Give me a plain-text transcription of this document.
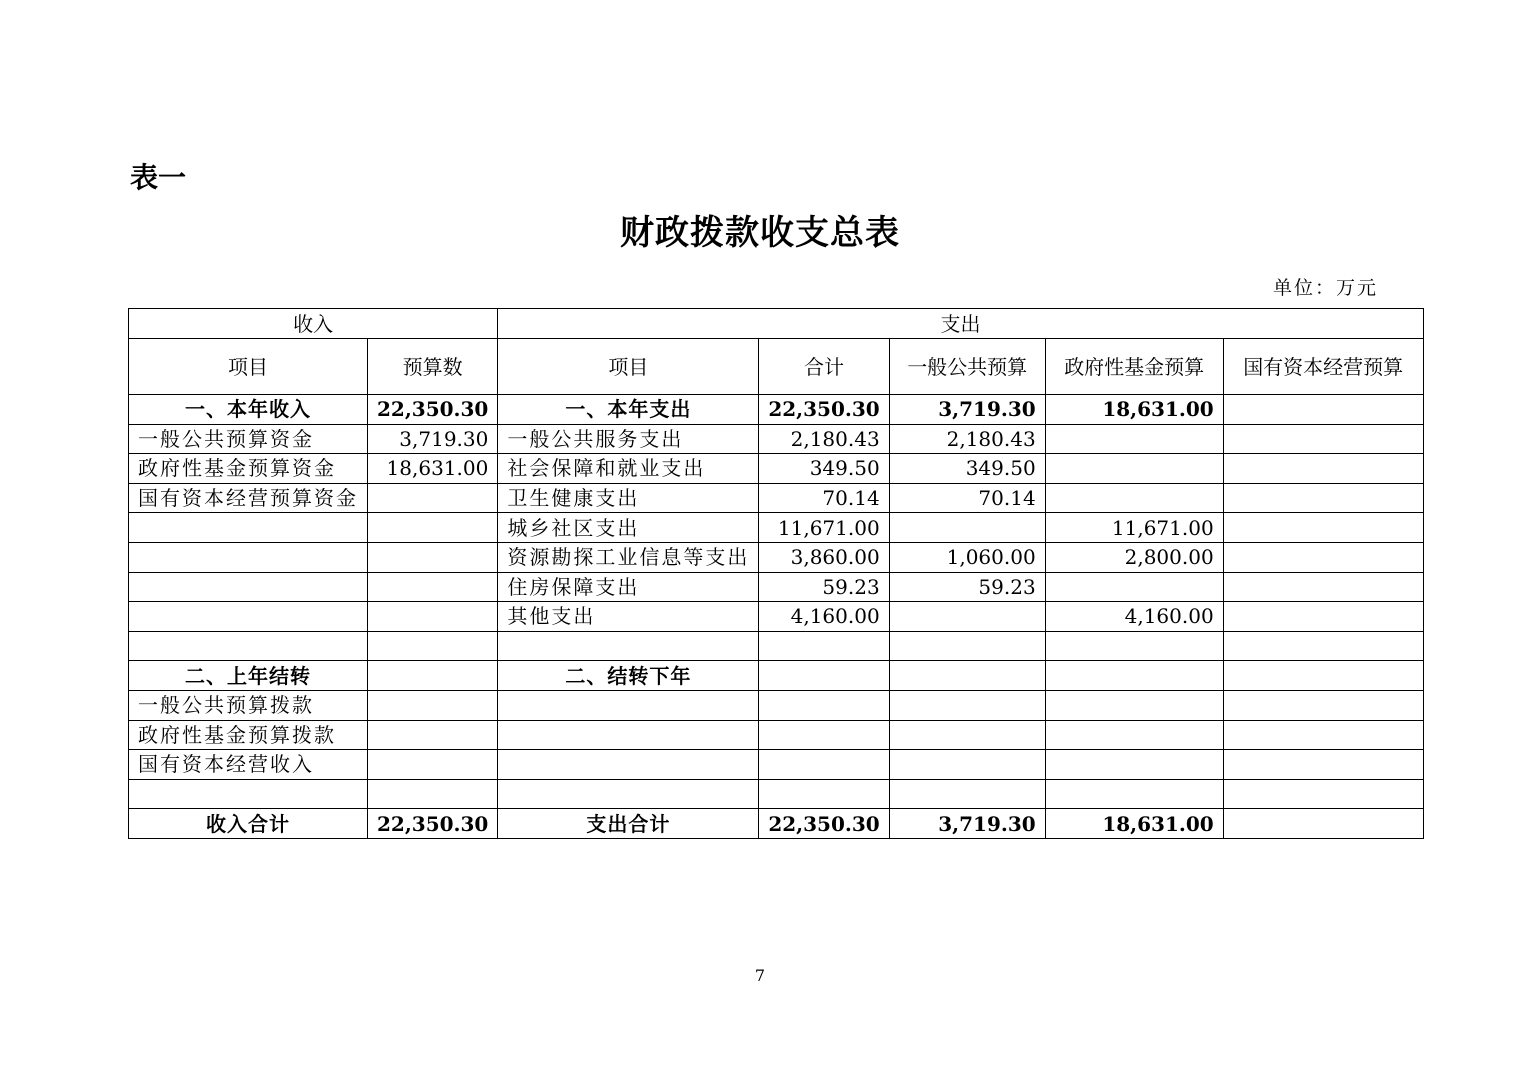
表一
财政拨款收支总表
单位：万元
收入		支出				
项目	预算数	项目	合计	一般公共预算	政府性基金预算	国有资本经营预算
一、本年收入	22,350.30	一、本年支出	22,350.30	3,719.30	18,631.00	
一般公共预算资金	3,719.30	一般公共服务支出	2,180.43	2,180.43		
政府性基金预算资金	18,631.00	社会保障和就业支出	349.50	349.50		
国有资本经营预算资金		卫生健康支出	70.14	70.14		
		城乡社区支出	11,671.00		11,671.00	
		资源勘探工业信息等支出	3,860.00	1,060.00	2,800.00	
		住房保障支出	59.23	59.23		
		其他支出	4,160.00		4,160.00	

二、上年结转		二、结转下年				
一般公共预算拨款						
政府性基金预算拨款						
国有资本经营收入						

收入合计	22,350.30	支出合计	22,350.30	3,719.30	18,631.00	
7
